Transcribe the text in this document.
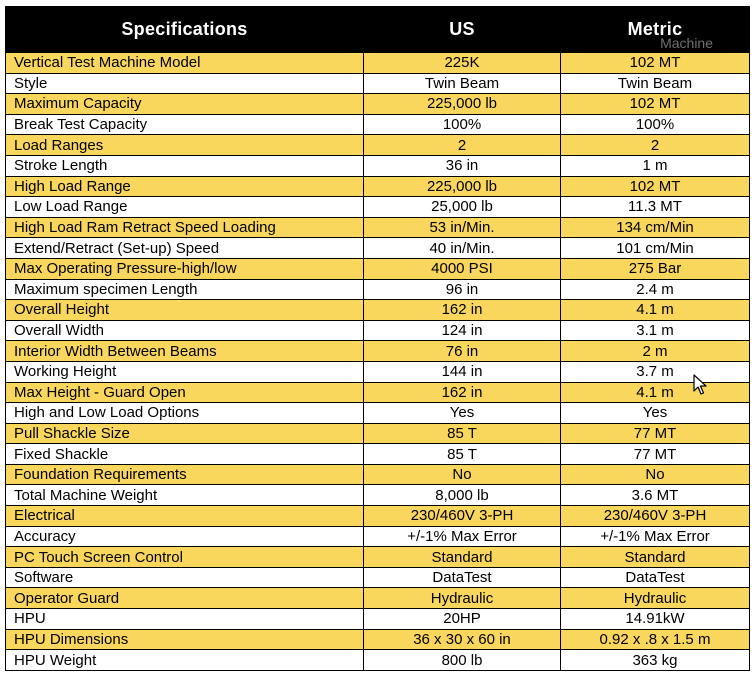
Specifications	US	Metric
Machine

Vertical Test Machine Model	225K	102 MT
Style	Twin Beam	Twin Beam
Maximum Capacity	225,000 lb	102 MT
Break Test Capacity	100%	100%
Load Ranges	2	2
Stroke Length	36 in	1 m
High Load Range	225,000 lb	102 MT
Low Load Range	25,000 lb	11.3 MT
High Load Ram Retract Speed Loading	53 in/Min.	134 cm/Min
Extend/Retract (Set-up) Speed	40 in/Min.	101 cm/Min
Max Operating Pressure-high/low	4000 PSI	275 Bar
Maximum specimen Length	96 in	2.4 m
Overall Height	162 in	4.1 m
Overall Width	124 in	3.1 m
Interior Width Between Beams	76 in	2 m
Working Height	144 in	3.7 m
Max Height - Guard Open	162 in	4.1 m
High and Low Load Options	Yes	Yes
Pull Shackle Size	85 T	77 MT
Fixed Shackle	85 T	77 MT
Foundation Requirements	No	No
Total Machine Weight	8,000 lb	3.6 MT
Electrical	230/460V 3-PH	230/460V 3-PH
Accuracy	+/-1% Max Error	+/-1% Max Error
PC Touch Screen Control	Standard	Standard
Software	DataTest	DataTest
Operator Guard	Hydraulic	Hydraulic
HPU	20HP	14.91kW
HPU Dimensions	36 x 30 x 60 in	0.92 x .8 x 1.5 m
HPU Weight	800 lb	363 kg
